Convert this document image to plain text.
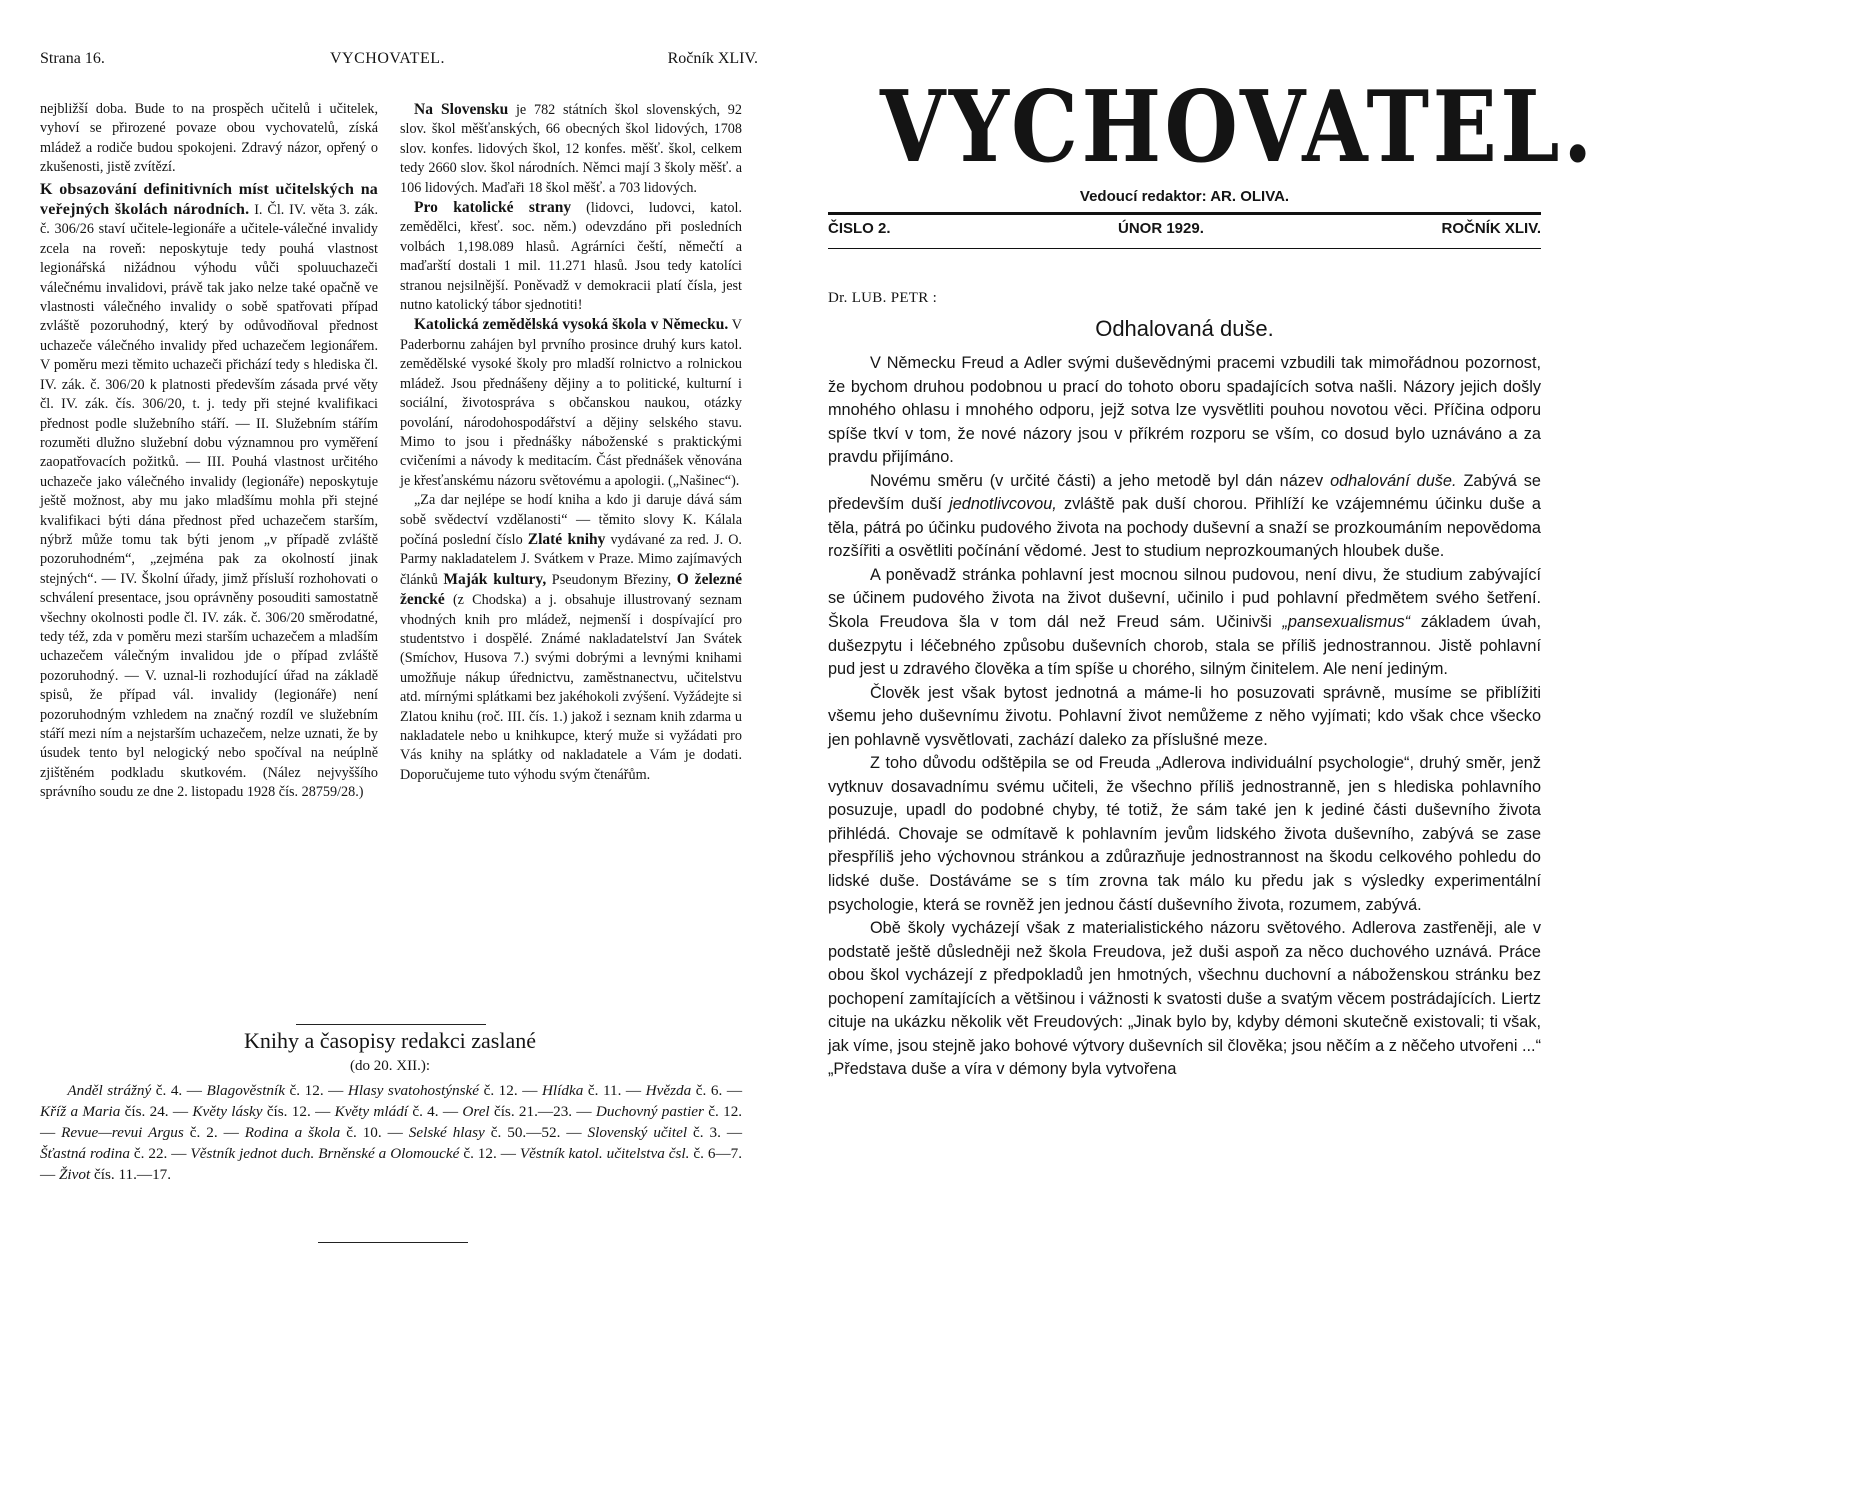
Strana 16.	VYCHOVATEL.	Ročník XLIV.

nejbližší doba. Bude to na prospěch učitelů i učitelek, vyhoví se přirozené povaze obou vychovatelů, získá mládež a rodiče budou spokojeni. Zdravý názor, opřený o zkušenosti, jistě zvítězí.

K obsazování definitivních míst učitelských na veřejných školách národních. I. Čl. IV. věta 3. zák. č. 306/26 staví učitele-legionáře a učitele-válečné invalidy zcela na roveň: neposkytuje tedy pouhá vlastnost legionářská nižádnou výhodu vůči spoluuchazeči válečnému invalidovi, právě tak jako nelze také opačně ve vlastnosti válečného invalidy o sobě spatřovati případ zvláště pozoruhodný, který by odůvodňoval přednost uchazeče válečného invalidy před uchazečem legionářem. V poměru mezi těmito uchazeči přichází tedy s hlediska čl. IV. zák. č. 306/20 k platnosti především zásada prvé věty čl. IV. zák. čís. 306/20, t. j. tedy při stejné kvalifikaci přednost podle služebního stáří. — II. Služebním stářím rozuměti dlužno služební dobu významnou pro vyměření zaopatřovacích požitků. — III. Pouhá vlastnost určitého uchazeče jako válečného invalidy (legionáře) neposkytuje ještě možnost, aby mu jako mladšímu mohla při stejné kvalifikaci býti dána přednost před uchazečem starším, nýbrž může tomu tak býti jenom „v případě zvláště pozoruhodném“, „zejména pak za okolností jinak stejných“. — IV. Školní úřady, jimž přísluší rozhohovati o schválení presentace, jsou oprávněny posouditi samostatně všechny okolnosti podle čl. IV. zák. č. 306/20 směrodatné, tedy též, zda v poměru mezi starším uchazečem a mladším uchazečem válečným invalidou jde o případ zvláště pozoruhodný. — V. uznal-li rozhodující úřad na základě spisů, že případ vál. invalidy (legionáře) není pozoruhodným vzhledem na značný rozdíl ve služebním stáří mezi ním a nejstarším uchazečem, nelze uznati, že by úsudek tento byl nelogický nebo spočíval na neúplně zjištěném podkladu skutkovém. (Nález nejvyššího správního soudu ze dne 2. listopadu 1928 čís. 28759/28.)

Na Slovensku je 782 státních škol slovenských, 92 slov. škol měšťanských, 66 obecných škol lidových, 1708 slov. konfes. lidových škol, 12 konfes. měšť. škol, celkem tedy 2660 slov. škol národních. Němci mají 3 školy měšť. a 106 lidových. Maďaři 18 škol měšť. a 703 lidových.

Pro katolické strany (lidovci, ludovci, katol. zemědělci, křesť. soc. něm.) odevzdáno při posledních volbách 1,198.089 hlasů. Agrárníci čeští, němečtí a maďarští dostali 1 mil. 11.271 hlasů. Jsou tedy katolíci stranou nejsilnější. Poněvadž v demokracii platí čísla, jest nutno katolický tábor sjednotiti!

Katolická zemědělská vysoká škola v Německu. V Paderbornu zahájen byl prvního prosince druhý kurs katol. zemědělské vysoké školy pro mladší rolnictvo a rolnickou mládež. Jsou přednášeny dějiny a to politické, kulturní i sociální, životospráva s občanskou naukou, otázky povolání, národohospodářství a dějiny selského stavu. Mimo to jsou i přednášky náboženské s praktickými cvičeními a návody k meditacím. Část přednášek věnována je křesťanskému názoru světovému a apologii. („Našinec“).

„Za dar nejlépe se hodí kniha a kdo ji daruje dává sám sobě svědectví vzdělanosti“ — těmito slovy K. Kálala počíná poslední číslo Zlaté knihy vydávané za red. J. O. Parmy nakladatelem J. Svátkem v Praze. Mimo zajímavých článků Maják kultury, Pseudonym Březiny, O železné žencké (z Chodska) a j. obsahuje illustrovaný seznam vhodných knih pro mládež, nejmenší i dospívající pro studentstvo i dospělé. Známé nakladatelství Jan Svátek (Smíchov, Husova 7.) svými dobrými a levnými knihami umožňuje nákup úřednictvu, zaměstnanectvu, učitelstvu atd. mírnými splátkami bez jakéhokoli zvýšení. Vyžádejte si Zlatou knihu (roč. III. čís. 1.) jakož i seznam knih zdarma u nakladatele nebo u knihkupce, který muže si vyžádati pro Vás knihy na splátky od nakladatele a Vám je dodati. Doporučujeme tuto výhodu svým čtenářům.

Knihy a časopisy redakci zaslané
(do 20. XII.):
Anděl strážný č. 4. — Blagověstník č. 12. — Hlasy svatohostýnské č. 12. — Hlídka č. 11. — Hvězda č. 6. — Kříž a Maria čís. 24. — Květy lásky čís. 12. — Květy mládí č. 4. — Orel čís. 21.—23. — Duchovný pastier č. 12. — Revue—revui Argus č. 2. — Rodina a škola č. 10. — Selské hlasy č. 50.—52. — Slovenský učitel č. 3. — Šťastná rodina č. 22. — Věstník jednot duch. Brněnské a Olomoucké č. 12. — Věstník katol. učitelstva čsl. č. 6—7. — Život čís. 11.—17.
VYCHOVATEL.
Vedoucí redaktor: AR. OLIVA.
ČISLO 2.	ÚNOR 1929.	ROČNÍK XLIV.
Dr. LUB. PETR :
Odhalovaná duše.

V Německu Freud a Adler svými duševědnými pracemi vzbudili tak mimořádnou pozornost, že bychom druhou podobnou u prací do tohoto oboru spadajících sotva našli. Názory jejich došly mnohého ohlasu i mnohého odporu, jejž sotva lze vysvětliti pouhou novotou věci. Příčina odporu spíše tkví v tom, že nové názory jsou v příkrém rozporu se vším, co dosud bylo uznáváno a za pravdu přijímáno.

Novému směru (v určité části) a jeho metodě byl dán název odhalování duše. Zabývá se především duší jednotlivcovou, zvláště pak duší chorou. Přihlíží ke vzájemnému účinku duše a těla, pátrá po účinku pudového života na pochody duševní a snaží se prozkoumáním nepovědoma rozšířiti a osvětliti počínání vědomé. Jest to studium neprozkoumaných hloubek duše.

A poněvadž stránka pohlavní jest mocnou silnou pudovou, není divu, že studium zabývající se účinem pudového života na život duševní, učinilo i pud pohlavní předmětem svého šetření. Škola Freudova šla v tom dál než Freud sám. Učinivši „pansexualismus“ základem úvah, dušezpytu i léčebného způsobu duševních chorob, stala se příliš jednostrannou. Jistě pohlavní pud jest u zdravého člověka a tím spíše u chorého, silným činitelem. Ale není jediným.

Člověk jest však bytost jednotná a máme-li ho posuzovati správně, musíme se přiblížiti všemu jeho duševnímu životu. Pohlavní život nemůžeme z něho vyjímati; kdo však chce všecko jen pohlavně vysvětlovati, zachází daleko za příslušné meze.

Z toho důvodu odštěpila se od Freuda „Adlerova individuální psychologie“, druhý směr, jenž vytknuv dosavadnímu svému učiteli, že všechno příliš jednostranně, jen s hlediska pohlavního posuzuje, upadl do podobné chyby, té totiž, že sám také jen k jediné části duševního života přihlédá. Chovaje se odmítavě k pohlavním jevům lidského života duševního, zabývá se zase přespříliš jeho výchovnou stránkou a zdůrazňuje jednostrannost na škodu celkového pohledu do lidské duše. Dostáváme se s tím zrovna tak málo ku předu jak s výsledky experimentální psychologie, která se rovněž jen jednou částí duševního života, rozumem, zabývá.

Obě školy vycházejí však z materialistického názoru světového. Adlerova zastřeněji, ale v podstatě ještě důsledněji než škola Freudova, jež duši aspoň za něco duchového uznává. Práce obou škol vycházejí z předpokladů jen hmotných, všechnu duchovní a náboženskou stránku bez pochopení zamítajících a většinou i vážnosti k svatosti duše a svatým věcem postrádajících. Liertz cituje na ukázku několik vět Freudových: „Jinak bylo by, kdyby démoni skutečně existovali; ti však, jak víme, jsou stejně jako bohové výtvory duševních sil člověka; jsou něčím a z něčeho utvořeni ...“ „Představa duše a víra v démony byla vytvořena
